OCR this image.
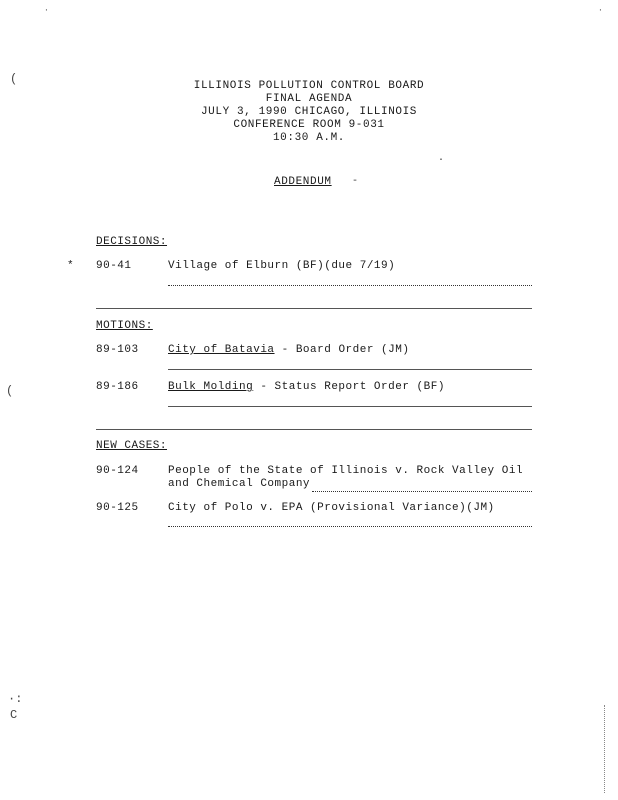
(
(
·:
C
·	·
ILLINOIS POLLUTION CONTROL BOARD
FINAL AGENDA
JULY 3, 1990 CHICAGO, ILLINOIS
CONFERENCE ROOM 9-031
10:30 A.M.
·
ADDENDUM -
DECISIONS:
* 90-41	Village of Elburn (BF)(due 7/19)
MOTIONS:
89-103	City of Batavia - Board Order (JM)
89-186	Bulk Molding - Status Report Order (BF)
NEW CASES:
90-124	People of the State of Illinois v. Rock Valley Oil
and Chemical Company
90-125	City of Polo v. EPA (Provisional Variance)(JM)
